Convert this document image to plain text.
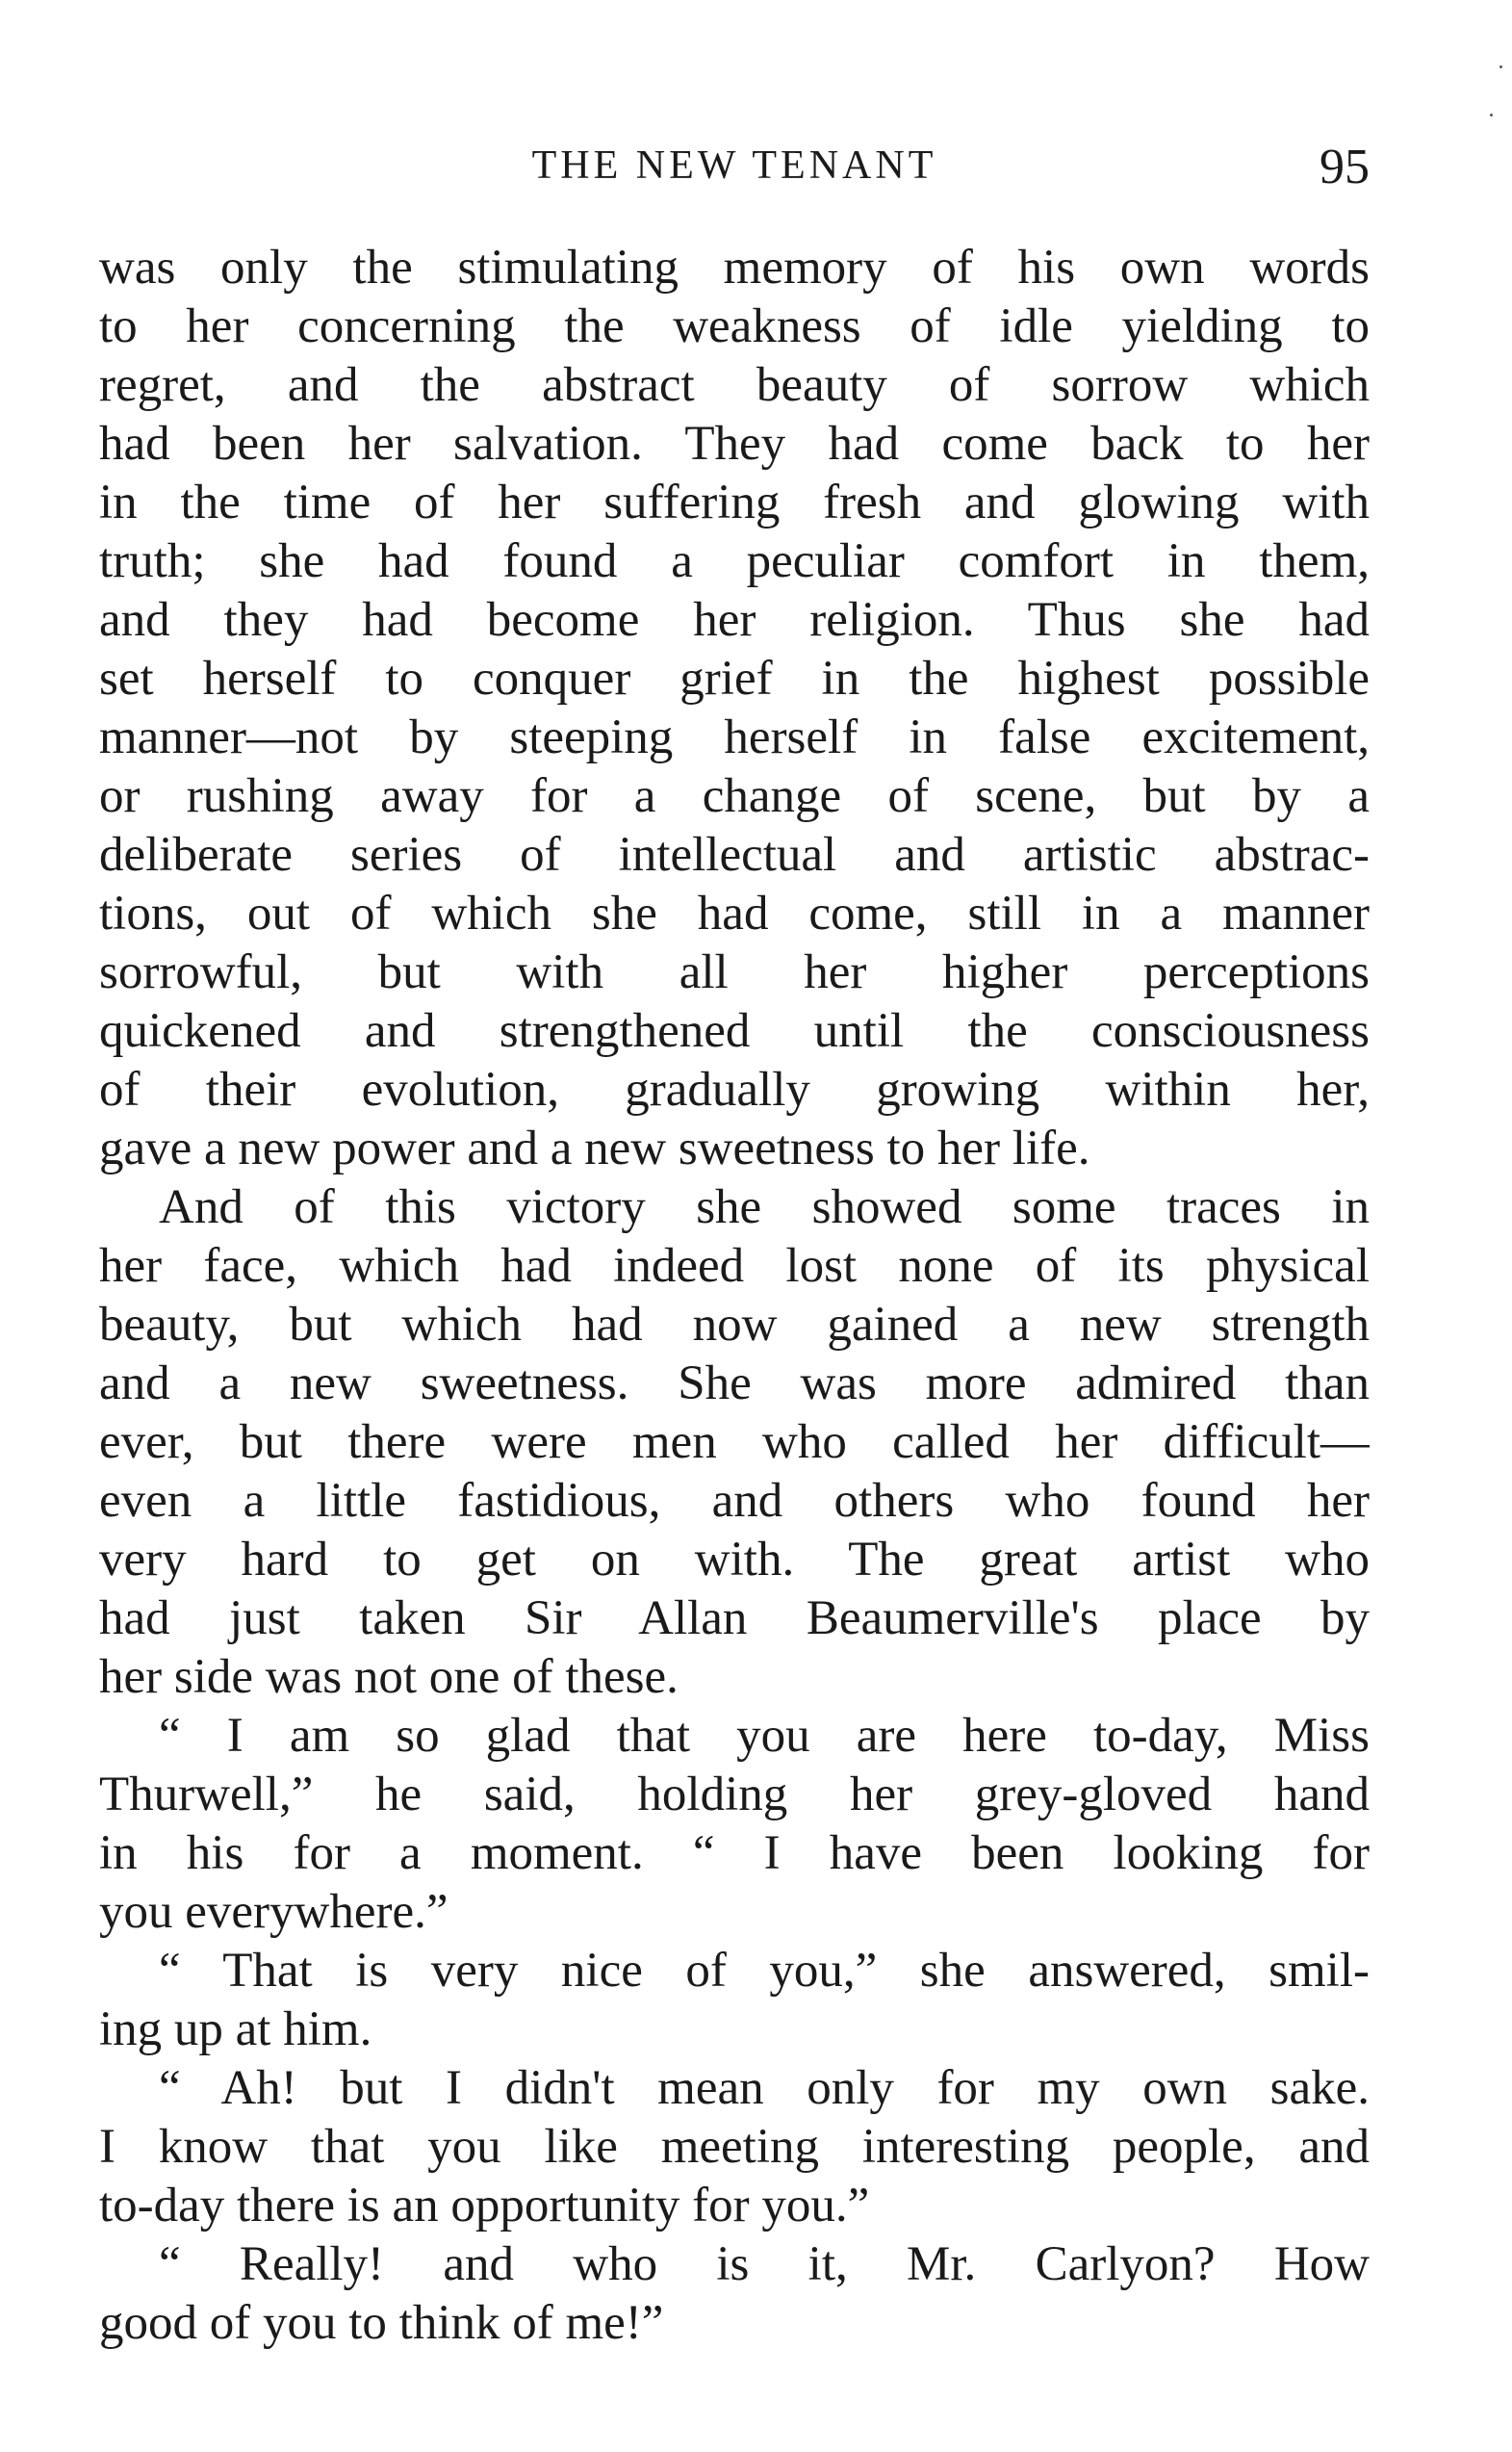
THE NEW TENANT	95
was only the stimulating memory of his own words
to her concerning the weakness of idle yielding to
regret, and the abstract beauty of sorrow which
had been her salvation. They had come back to her
in the time of her suffering fresh and glowing with
truth; she had found a peculiar comfort in them,
and they had become her religion. Thus she had
set herself to conquer grief in the highest possible
manner—not by steeping herself in false excitement,
or rushing away for a change of scene, but by a
deliberate series of intellectual and artistic abstrac-
tions, out of which she had come, still in a manner
sorrowful, but with all her higher perceptions
quickened and strengthened until the consciousness
of their evolution, gradually growing within her,
gave a new power and a new sweetness to her life.
And of this victory she showed some traces in
her face, which had indeed lost none of its physical
beauty, but which had now gained a new strength
and a new sweetness. She was more admired than
ever, but there were men who called her difficult—
even a little fastidious, and others who found her
very hard to get on with. The great artist who
had just taken Sir Allan Beaumerville's place by
her side was not one of these.
“ I am so glad that you are here to-day, Miss
Thurwell,” he said, holding her grey-gloved hand
in his for a moment. “ I have been looking for
you everywhere.”
“ That is very nice of you,” she answered, smil-
ing up at him.
“ Ah! but I didn't mean only for my own sake.
I know that you like meeting interesting people, and
to-day there is an opportunity for you.”
“ Really! and who is it, Mr. Carlyon? How
good of you to think of me!”
